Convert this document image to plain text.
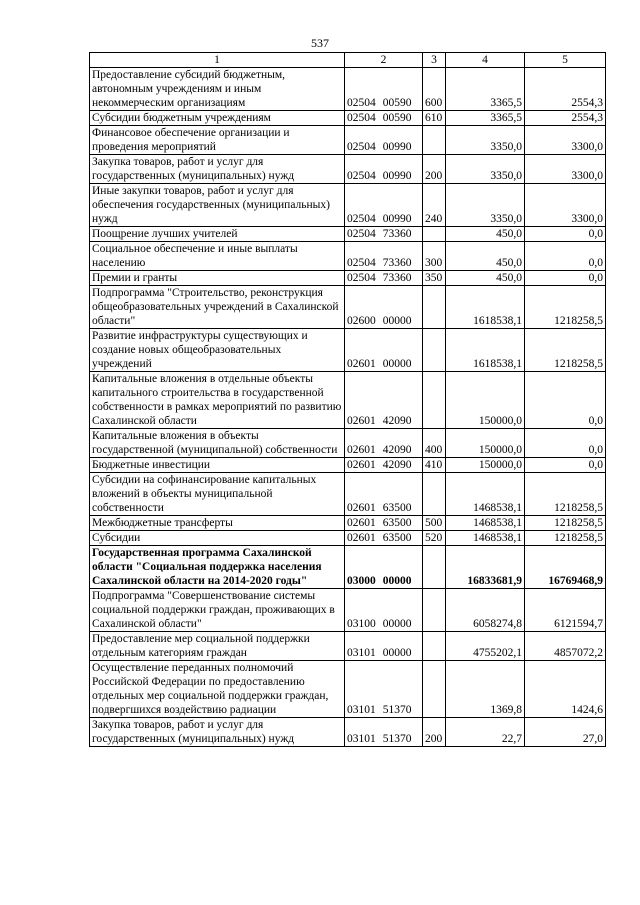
537
1	2	3	4	5
Предоставление субсидий бюджетным, автономным учреждениям и иным некоммерческим организациям	02504 00590	600	3365,5	2554,3
Субсидии бюджетным учреждениям	02504 00590	610	3365,5	2554,3
Финансовое обеспечение организации и проведения мероприятий	02504 00990		3350,0	3300,0
Закупка товаров, работ и услуг для государственных (муниципальных) нужд	02504 00990	200	3350,0	3300,0
Иные закупки товаров, работ и услуг для обеспечения государственных (муниципальных) нужд	02504 00990	240	3350,0	3300,0
Поощрение лучших учителей	02504 73360		450,0	0,0
Социальное обеспечение и иные выплаты населению	02504 73360	300	450,0	0,0
Премии и гранты	02504 73360	350	450,0	0,0
Подпрограмма "Строительство, реконструкция общеобразовательных учреждений в Сахалинской области"	02600 00000		1618538,1	1218258,5
Развитие инфраструктуры существующих и создание новых общеобразовательных учреждений	02601 00000		1618538,1	1218258,5
Капитальные вложения в отдельные объекты капитального строительства в государственной собственности в рамках мероприятий по развитию Сахалинской области	02601 42090		150000,0	0,0
Капитальные вложения в объекты государственной (муниципальной) собственности	02601 42090	400	150000,0	0,0
Бюджетные инвестиции	02601 42090	410	150000,0	0,0
Субсидии на софинансирование капитальных вложений в объекты муниципальной собственности	02601 63500		1468538,1	1218258,5
Межбюджетные трансферты	02601 63500	500	1468538,1	1218258,5
Субсидии	02601 63500	520	1468538,1	1218258,5
Государственная программа Сахалинской области "Социальная поддержка населения Сахалинской области на 2014-2020 годы"	03000 00000		16833681,9	16769468,9
Подпрограмма "Совершенствование системы социальной поддержки граждан, проживающих в Сахалинской области"	03100 00000		6058274,8	6121594,7
Предоставление мер социальной поддержки отдельным категориям граждан	03101 00000		4755202,1	4857072,2
Осуществление переданных полномочий Российской Федерации по предоставлению отдельных мер социальной поддержки граждан, подвергшихся воздействию радиации	03101 51370		1369,8	1424,6
Закупка товаров, работ и услуг для государственных (муниципальных) нужд	03101 51370	200	22,7	27,0
